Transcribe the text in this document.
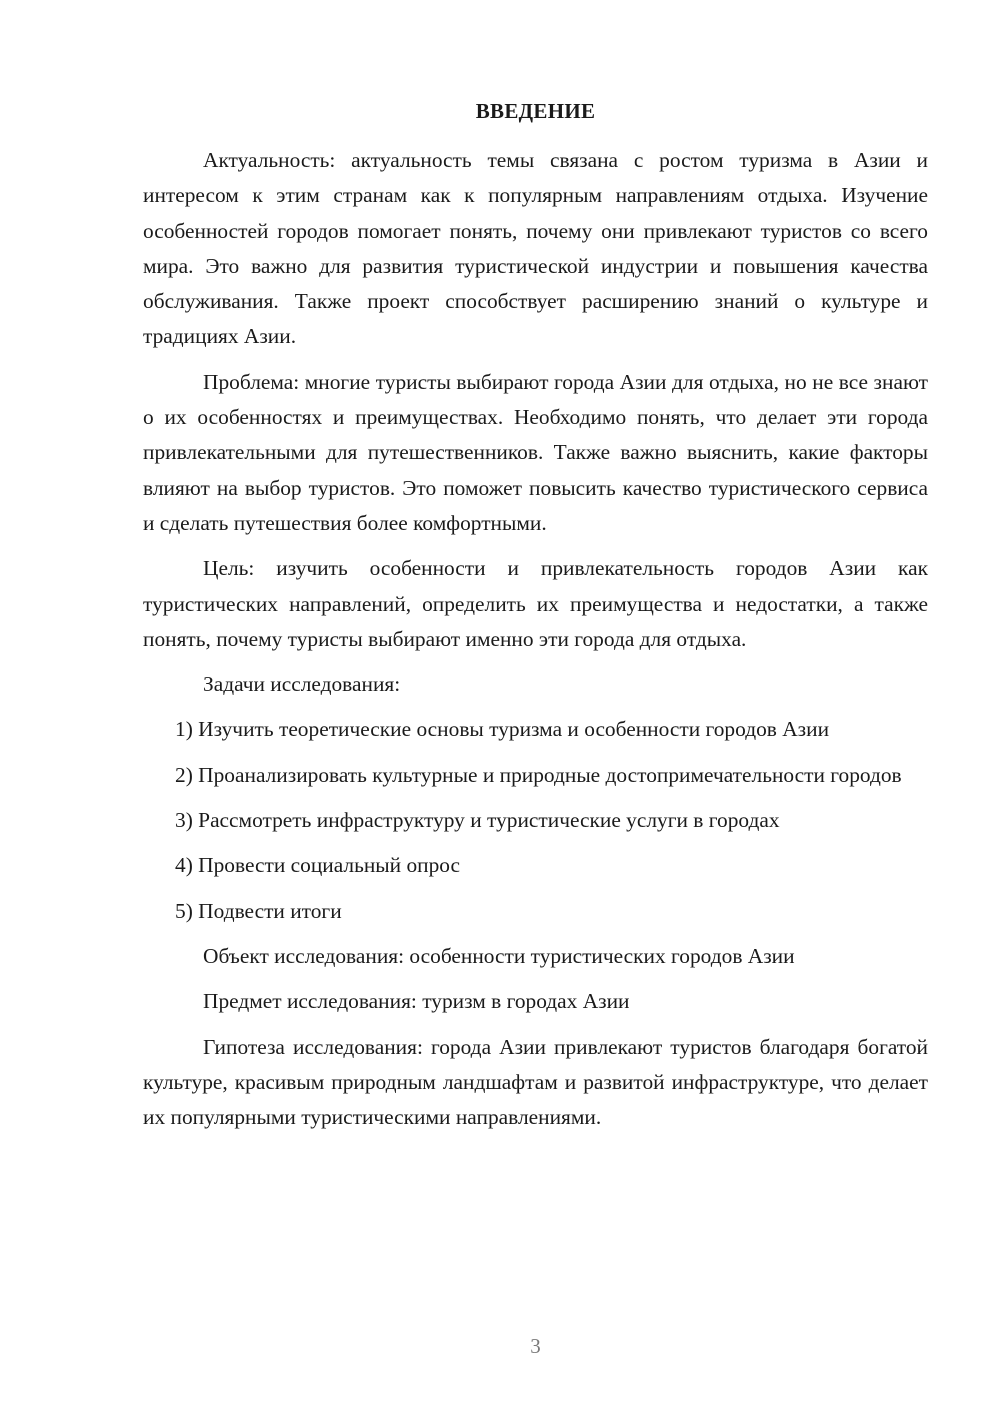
ВВЕДЕНИЕ

Актуальность: актуальность темы связана с ростом туризма в Азии и интересом к этим странам как к популярным направлениям отдыха. Изучение особенностей городов помогает понять, почему они привлекают туристов со всего мира. Это важно для развития туристической индустрии и повышения качества обслуживания. Также проект способствует расширению знаний о культуре и традициях Азии.

Проблема: многие туристы выбирают города Азии для отдыха, но не все знают о их особенностях и преимуществах. Необходимо понять, что делает эти города привлекательными для путешественников. Также важно выяснить, какие факторы влияют на выбор туристов. Это поможет повысить качество туристического сервиса и сделать путешествия более комфортными.

Цель: изучить особенности и привлекательность городов Азии как туристических направлений, определить их преимущества и недостатки, а также понять, почему туристы выбирают именно эти города для отдыха.

Задачи исследования:

1) Изучить теоретические основы туризма и особенности городов Азии

2) Проанализировать культурные и природные достопримечательности городов

3) Рассмотреть инфраструктуру и туристические услуги в городах

4) Провести социальный опрос

5) Подвести итоги

Объект исследования: особенности туристических городов Азии

Предмет исследования: туризм в городах Азии

Гипотеза исследования: города Азии привлекают туристов благодаря богатой культуре, красивым природным ландшафтам и развитой инфраструктуре, что делает их популярными туристическими направлениями.

3
